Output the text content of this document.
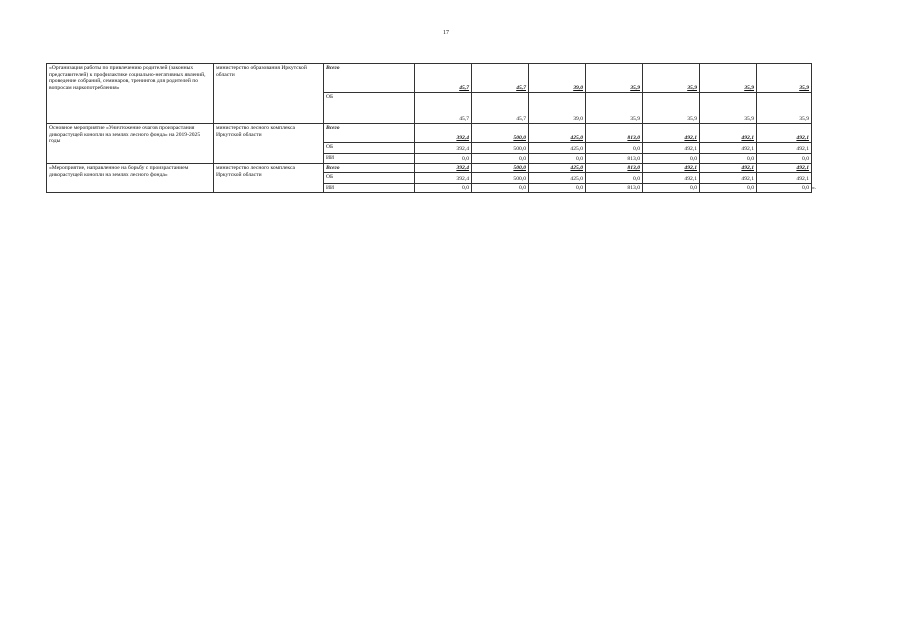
17
«Организация работы по привлечению родителей (законных представителей) к профилактике социально-негативных явлений, проведение собраний, семинаров, тренингов для родителей по вопросам наркопотребления»	министерство образования Иркутской области	Всего	45,7	45,7	39,0	35,9	35,9	35,9	35,9
		ОБ	45,7	45,7	39,0	35,9	35,9	35,9	35,9
Основное мероприятие «Уничтожение очагов произрастания дикорастущей конопли на землях лесного фонда» на 2019-2025 годы	министерство лесного комплекса Иркутской области	Всего	392,4	500,0	425,0	813,0	492,1	492,1	492,1
		ОБ	392,4	500,0	425,0	0,0	492,1	492,1	492,1
		ИИ	0,0	0,0	0,0	813,0	0,0	0,0	0,0
«Мероприятие, направленное на борьбу с произрастанием дикорастущей конопли на землях лесного фонда»	министерство лесного комплекса Иркутской области	Всего	392,4	500,0	425,0	813,0	492,1	492,1	492,1
		ОБ	392,4	500,0	425,0	0,0	492,1	492,1	492,1
		ИИ	0,0	0,0	0,0	813,0	0,0	0,0	0,0 ».
